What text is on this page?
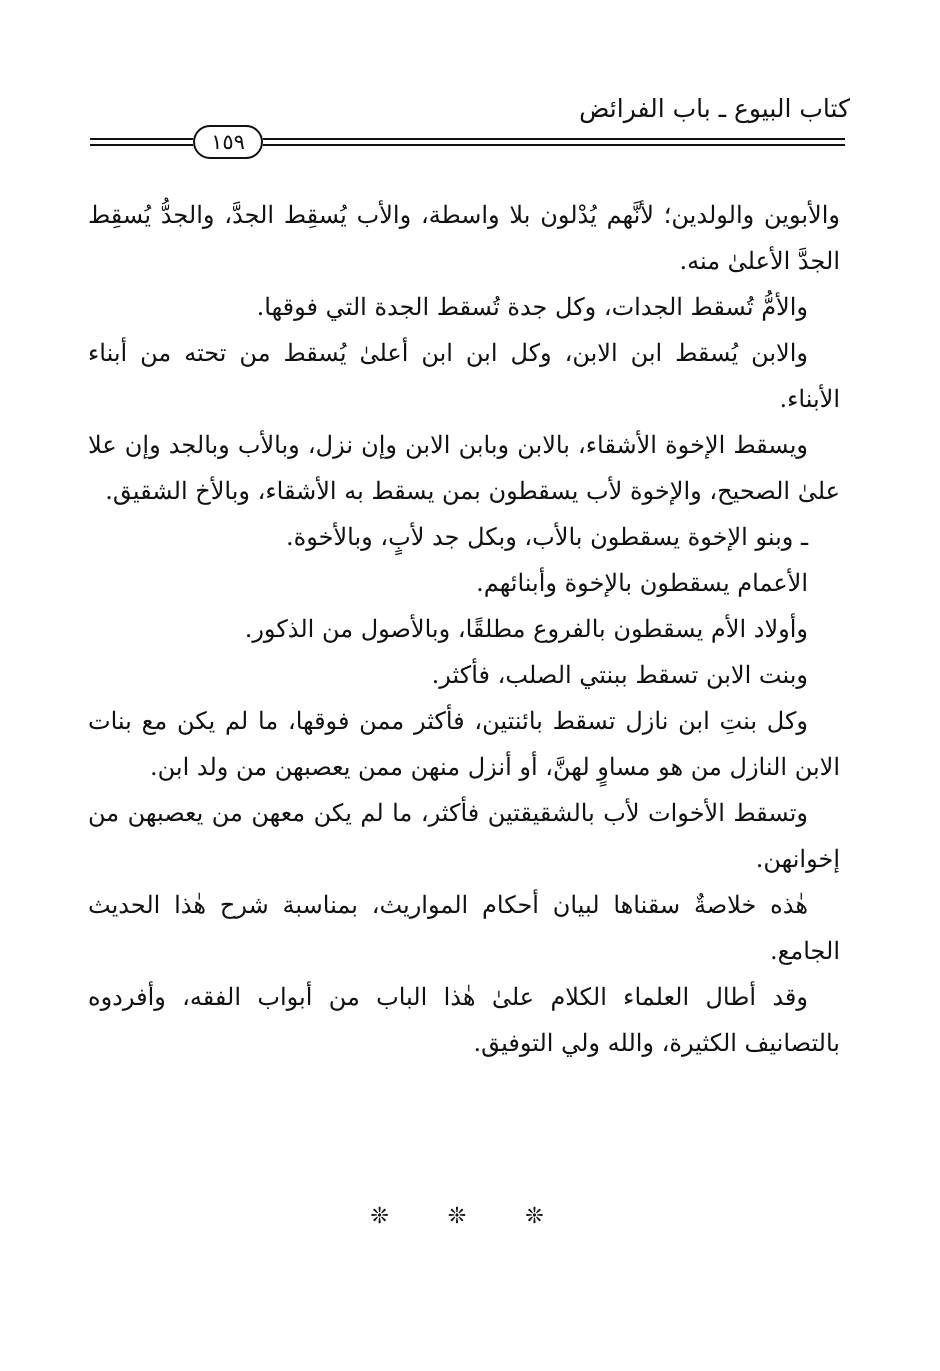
كتاب البيوع ـ باب الفرائض
١٥٩

والأبوين والولدين؛ لأنَّهم يُدْلون بلا واسطة، والأب يُسقِط الجدَّ، والجدُّ يُسقِط الجدَّ الأعلىٰ منه.

والأمُّ تُسقط الجدات، وكل جدة تُسقط الجدة التي فوقها.

والابن يُسقط ابن الابن، وكل ابن ابن أعلىٰ يُسقط من تحته من أبناء الأبناء.

ويسقط الإخوة الأشقاء، بالابن وبابن الابن وإن نزل، وبالأب وبالجد وإن علا علىٰ الصحيح، والإخوة لأب يسقطون بمن يسقط به الأشقاء، وبالأخ الشقيق.

ـ وبنو الإخوة يسقطون بالأب، وبكل جد لأبٍ، وبالأخوة.

الأعمام يسقطون بالإخوة وأبنائهم.

وأولاد الأم يسقطون بالفروع مطلقًا، وبالأصول من الذكور.

وبنت الابن تسقط ببنتي الصلب، فأكثر.

وكل بنتِ ابن نازل تسقط بائنتين، فأكثر ممن فوقها، ما لم يكن مع بنات الابن النازل من هو مساوٍ لهنَّ، أو أنزل منهن ممن يعصبهن من ولد ابن.

وتسقط الأخوات لأب بالشقيقتين فأكثر، ما لم يكن معهن من يعصبهن من إخوانهن.

هٰذه خلاصةٌ سقناها لبيان أحكام المواريث، بمناسبة شرح هٰذا الحديث الجامع.

وقد أطال العلماء الكلام علىٰ هٰذا الباب من أبواب الفقه، وأفردوه بالتصانيف الكثيرة، والله ولي التوفيق.

❊ ❊ ❊
